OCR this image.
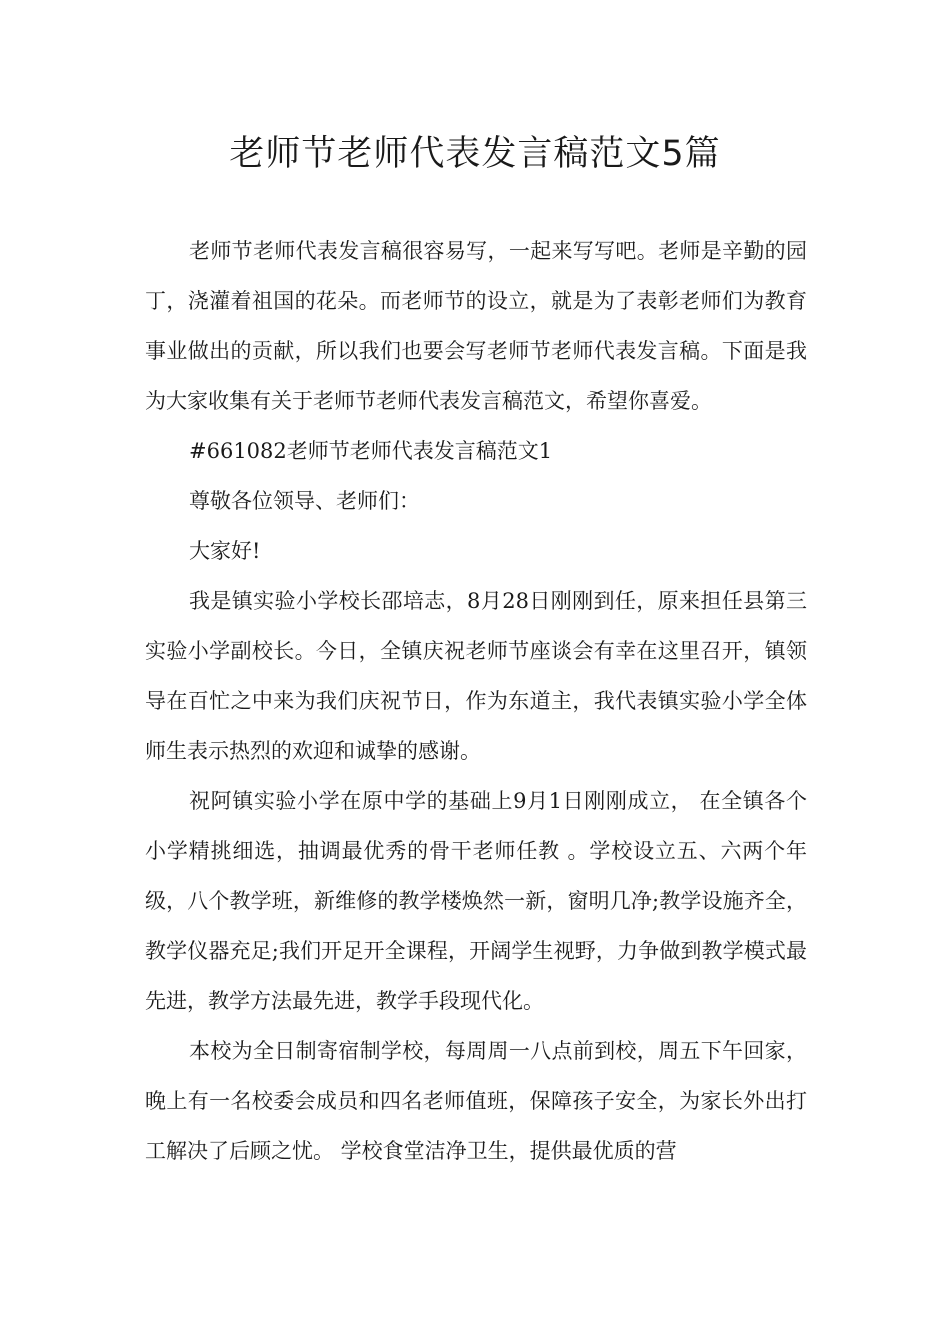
老师节老师代表发言稿范文5篇

老师节老师代表发言稿很容易写，一起来写写吧。老师是辛勤的园丁，浇灌着祖国的花朵。而老师节的设立，就是为了表彰老师们为教育事业做出的贡献，所以我们也要会写老师节老师代表发言稿。下面是我为大家收集有关于老师节老师代表发言稿范文，希望你喜爱。

#661082老师节老师代表发言稿范文1

尊敬各位领导、老师们：

大家好!

我是镇实验小学校长邵培志，8月28日刚刚到任，原来担任县第三实验小学副校长。今日，全镇庆祝老师节座谈会有幸在这里召开，镇领导在百忙之中来为我们庆祝节日，作为东道主，我代表镇实验小学全体师生表示热烈的欢迎和诚挚的感谢。

祝阿镇实验小学在原中学的基础上9月1日刚刚成立， 在全镇各个小学精挑细选，抽调最优秀的骨干老师任教 。学校设立五、六两个年级，八个教学班，新维修的教学楼焕然一新，窗明几净;教学设施齐全，教学仪器充足;我们开足开全课程，开阔学生视野，力争做到教学模式最先进，教学方法最先进，教学手段现代化。

本校为全日制寄宿制学校，每周周一八点前到校，周五下午回家，晚上有一名校委会成员和四名老师值班，保障孩子安全，为家长外出打工解决了后顾之忧。 学校食堂洁净卫生，提供最优质的营
